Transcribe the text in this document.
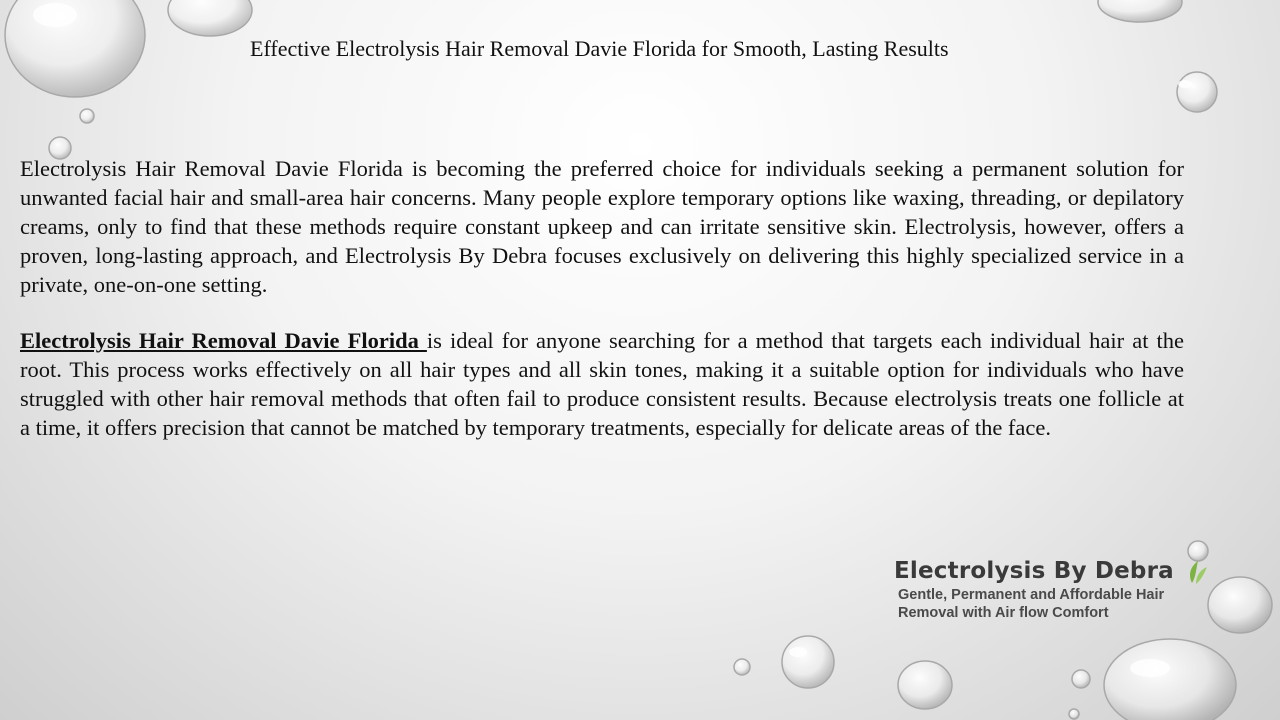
Effective Electrolysis Hair Removal Davie Florida for Smooth, Lasting Results

Electrolysis Hair Removal Davie Florida is becoming the preferred choice for individuals seeking a permanent solution for unwanted facial hair and small-area hair concerns. Many people explore temporary options like waxing, threading, or depilatory creams, only to find that these methods require constant upkeep and can irritate sensitive skin. Electrolysis, however, offers a proven, long-lasting approach, and Electrolysis By Debra focuses exclusively on delivering this highly specialized service in a private, one-on-one setting.

Electrolysis Hair Removal Davie Florida is ideal for anyone searching for a method that targets each individual hair at the root. This process works effectively on all hair types and all skin tones, making it a suitable option for individuals who have struggled with other hair removal methods that often fail to produce consistent results. Because electrolysis treats one follicle at a time, it offers precision that cannot be matched by temporary treatments, especially for delicate areas of the face.

Electrolysis By Debra
Gentle, Permanent and Affordable Hair
Removal with Air flow Comfort
